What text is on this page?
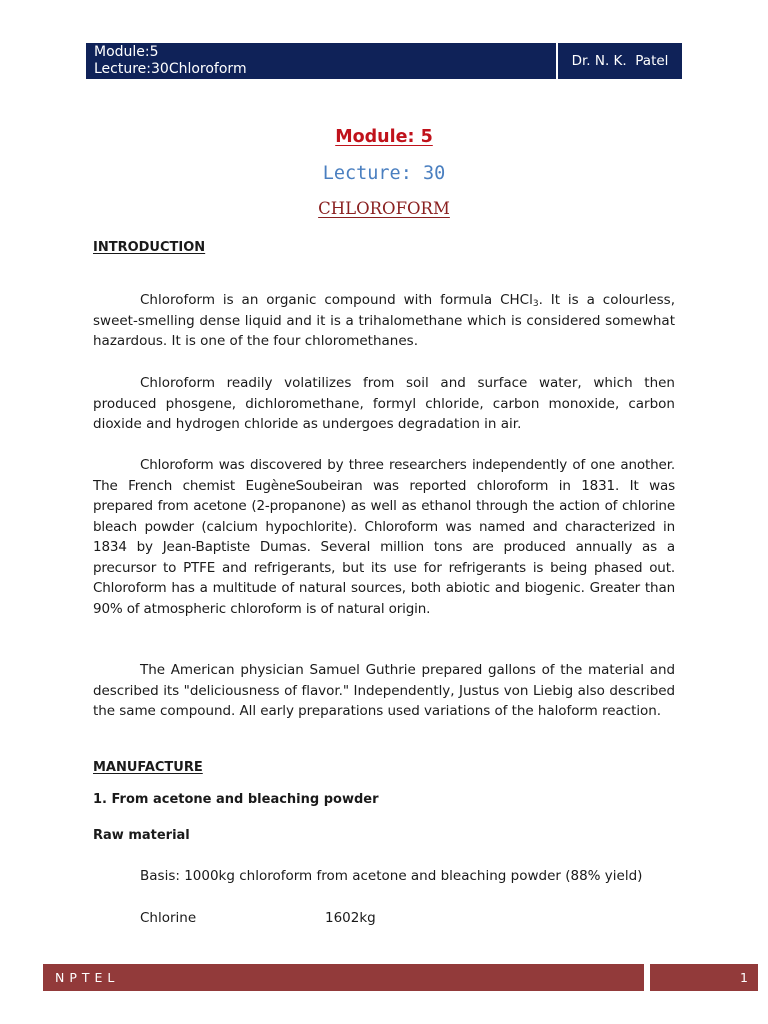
Module:5
Lecture:30Chloroform	Dr. N. K.  Patel
Module: 5
Lecture: 30
CHLOROFORM
INTRODUCTION

Chloroform is an organic compound with formula CHCl$_3$. It is a colourless, sweet-smelling dense liquid and it is a trihalomethane which is considered somewhat hazardous. It is one of the four chloromethanes.

Chloroform readily volatilizes from soil and surface water, which then produced phosgene, dichloromethane, formyl chloride, carbon monoxide, carbon dioxide and hydrogen chloride as undergoes degradation in air.

Chloroform was discovered by three researchers independently of one another. The French chemist EugèneSoubeiran was reported chloroform in 1831. It was prepared from acetone (2-propanone) as well as ethanol through the action of chlorine bleach powder (calcium hypochlorite). Chloroform was named and characterized in 1834 by Jean-Baptiste Dumas. Several million tons are produced annually as a precursor to PTFE and refrigerants, but its use for refrigerants is being phased out. Chloroform has a multitude of natural sources, both abiotic and biogenic. Greater than 90% of atmospheric chloroform is of natural origin.

The American physician Samuel Guthrie prepared gallons of the material and described its "deliciousness of flavor." Independently, Justus von Liebig also described the same compound. All early preparations used variations of the haloform reaction.

MANUFACTURE
1. From acetone and bleaching powder
Raw material

Basis: 1000kg chloroform from acetone and bleaching powder (88% yield)

Chlorine	1602kg
NPTEL	1
